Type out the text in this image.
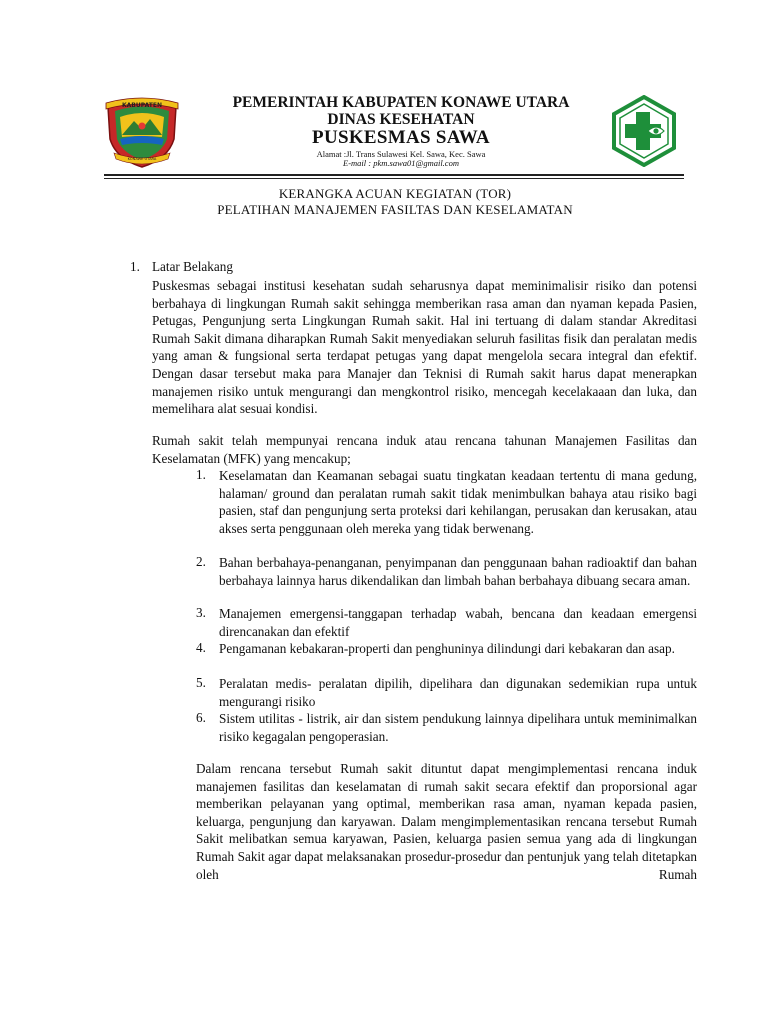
KABUPATEN
KONAWE UTARA
PEMERINTAH KABUPATEN KONAWE UTARA
DINAS KESEHATAN
PUSKESMAS SAWA
Alamat :Jl. Trans Sulawesi Kel. Sawa, Kec. Sawa
E-mail : pkm.sawa01@gmail.com
KERANGKA ACUAN KEGIATAN (TOR)
PELATIHAN MANAJEMEN FASILTAS DAN KESELAMATAN
1. Latar Belakang
Puskesmas sebagai institusi kesehatan sudah seharusnya dapat meminimalisir risiko dan potensi berbahaya di lingkungan Rumah sakit sehingga memberikan rasa aman dan nyaman kepada Pasien, Petugas, Pengunjung serta Lingkungan Rumah sakit. Hal ini tertuang di dalam standar Akreditasi Rumah Sakit dimana diharapkan Rumah Sakit menyediakan seluruh fasilitas fisik dan peralatan medis yang aman & fungsional serta terdapat petugas yang dapat mengelola secara integral dan efektif. Dengan dasar tersebut maka para Manajer dan Teknisi di Rumah sakit harus dapat menerapkan manajemen risiko untuk mengurangi dan mengkontrol risiko, mencegah kecelakaaan dan luka, dan memelihara alat sesuai kondisi.
Rumah sakit telah mempunyai rencana induk atau rencana tahunan Manajemen Fasilitas dan Keselamatan (MFK) yang mencakup;
1. Keselamatan dan Keamanan sebagai suatu tingkatan keadaan tertentu di mana gedung, halaman/ ground dan peralatan rumah sakit tidak menimbulkan bahaya atau risiko bagi pasien, staf dan pengunjung serta proteksi dari kehilangan, perusakan dan kerusakan, atau akses serta penggunaan oleh mereka yang tidak berwenang.
2. Bahan berbahaya-penanganan, penyimpanan dan penggunaan bahan radioaktif dan bahan berbahaya lainnya harus dikendalikan dan limbah bahan berbahaya dibuang secara aman.
3. Manajemen emergensi-tanggapan terhadap wabah, bencana dan keadaan emergensi direncanakan dan efektif
4. Pengamanan kebakaran-properti dan penghuninya dilindungi dari kebakaran dan asap.
5. Peralatan medis- peralatan dipilih, dipelihara dan digunakan sedemikian rupa untuk mengurangi risiko
6. Sistem utilitas - listrik, air dan sistem pendukung lainnya dipelihara untuk meminimalkan risiko kegagalan pengoperasian.
Dalam rencana tersebut Rumah sakit dituntut dapat mengimplementasi rencana induk manajemen fasilitas dan keselamatan di rumah sakit secara efektif dan proporsional agar memberikan pelayanan yang optimal, memberikan rasa aman, nyaman kepada pasien, keluarga, pengunjung dan karyawan. Dalam mengimplementasikan rencana tersebut Rumah Sakit melibatkan semua karyawan, Pasien, keluarga pasien semua yang ada di lingkungan Rumah Sakit agar dapat melaksanakan prosedur-prosedur dan pentunjuk yang telah ditetapkan oleh Rumah
